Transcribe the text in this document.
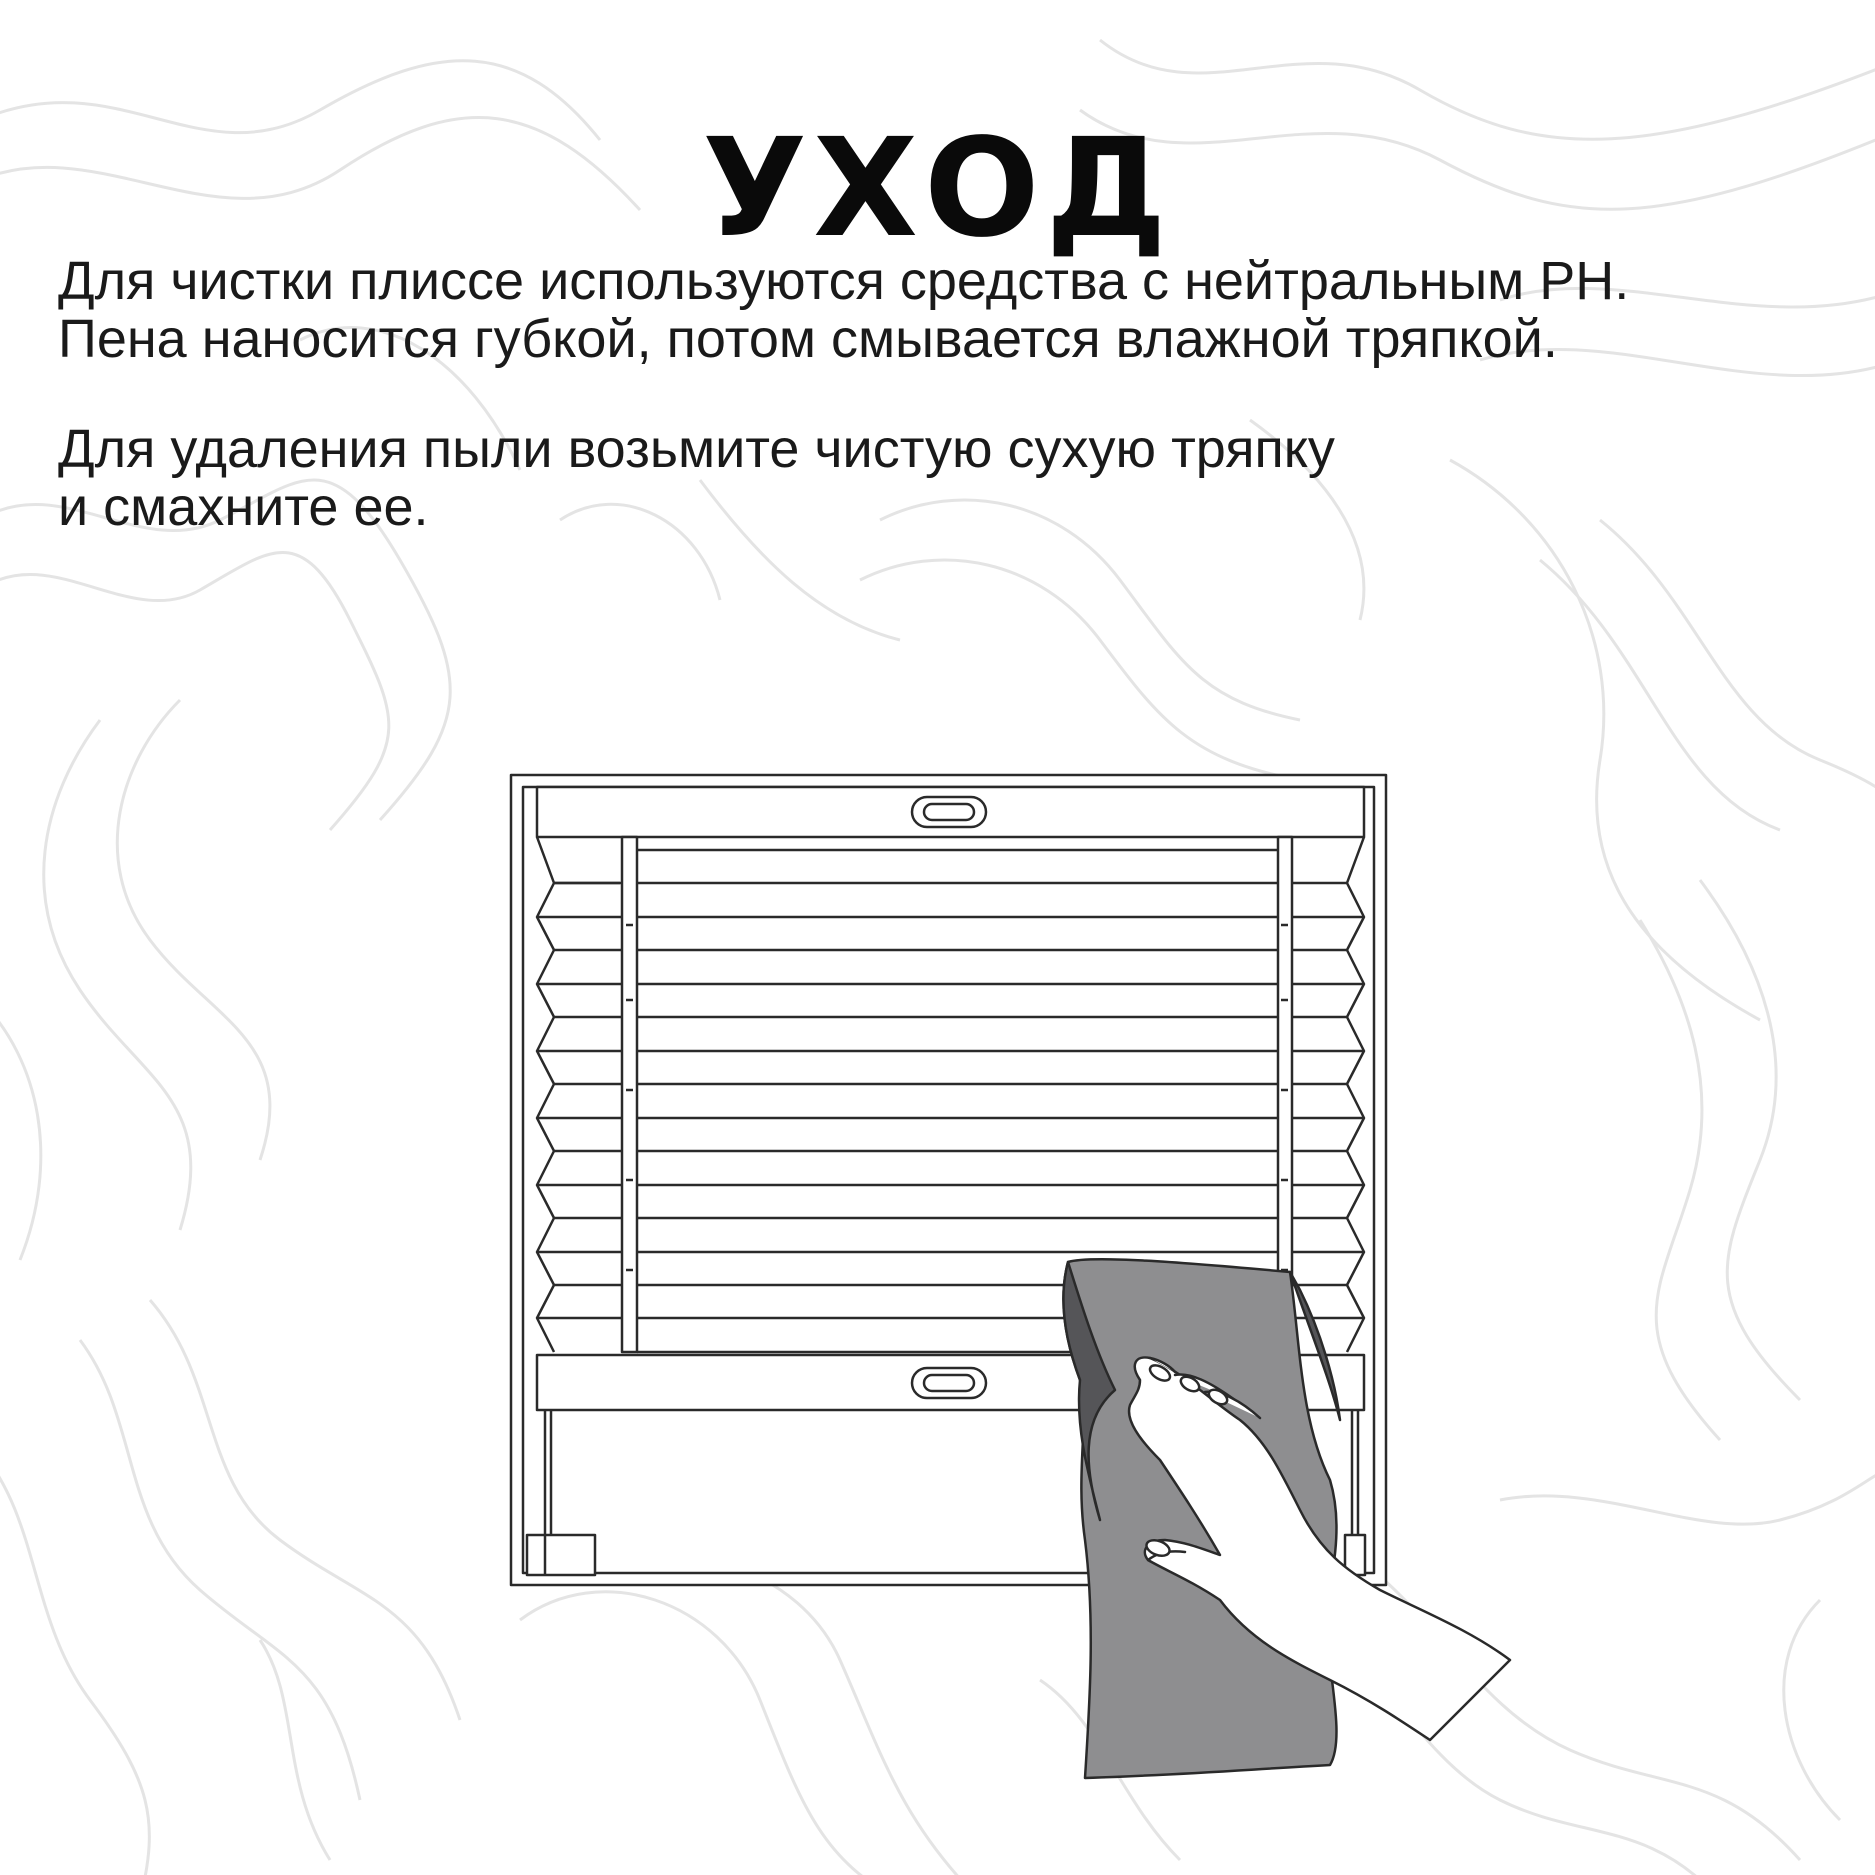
УХОД
Для чистки плиссе используются средства с нейтральным PH.
Пена наносится губкой, потом смывается влажной тряпкой.
Для удаления пыли возьмите чистую сухую тряпку
и смахните ее.
